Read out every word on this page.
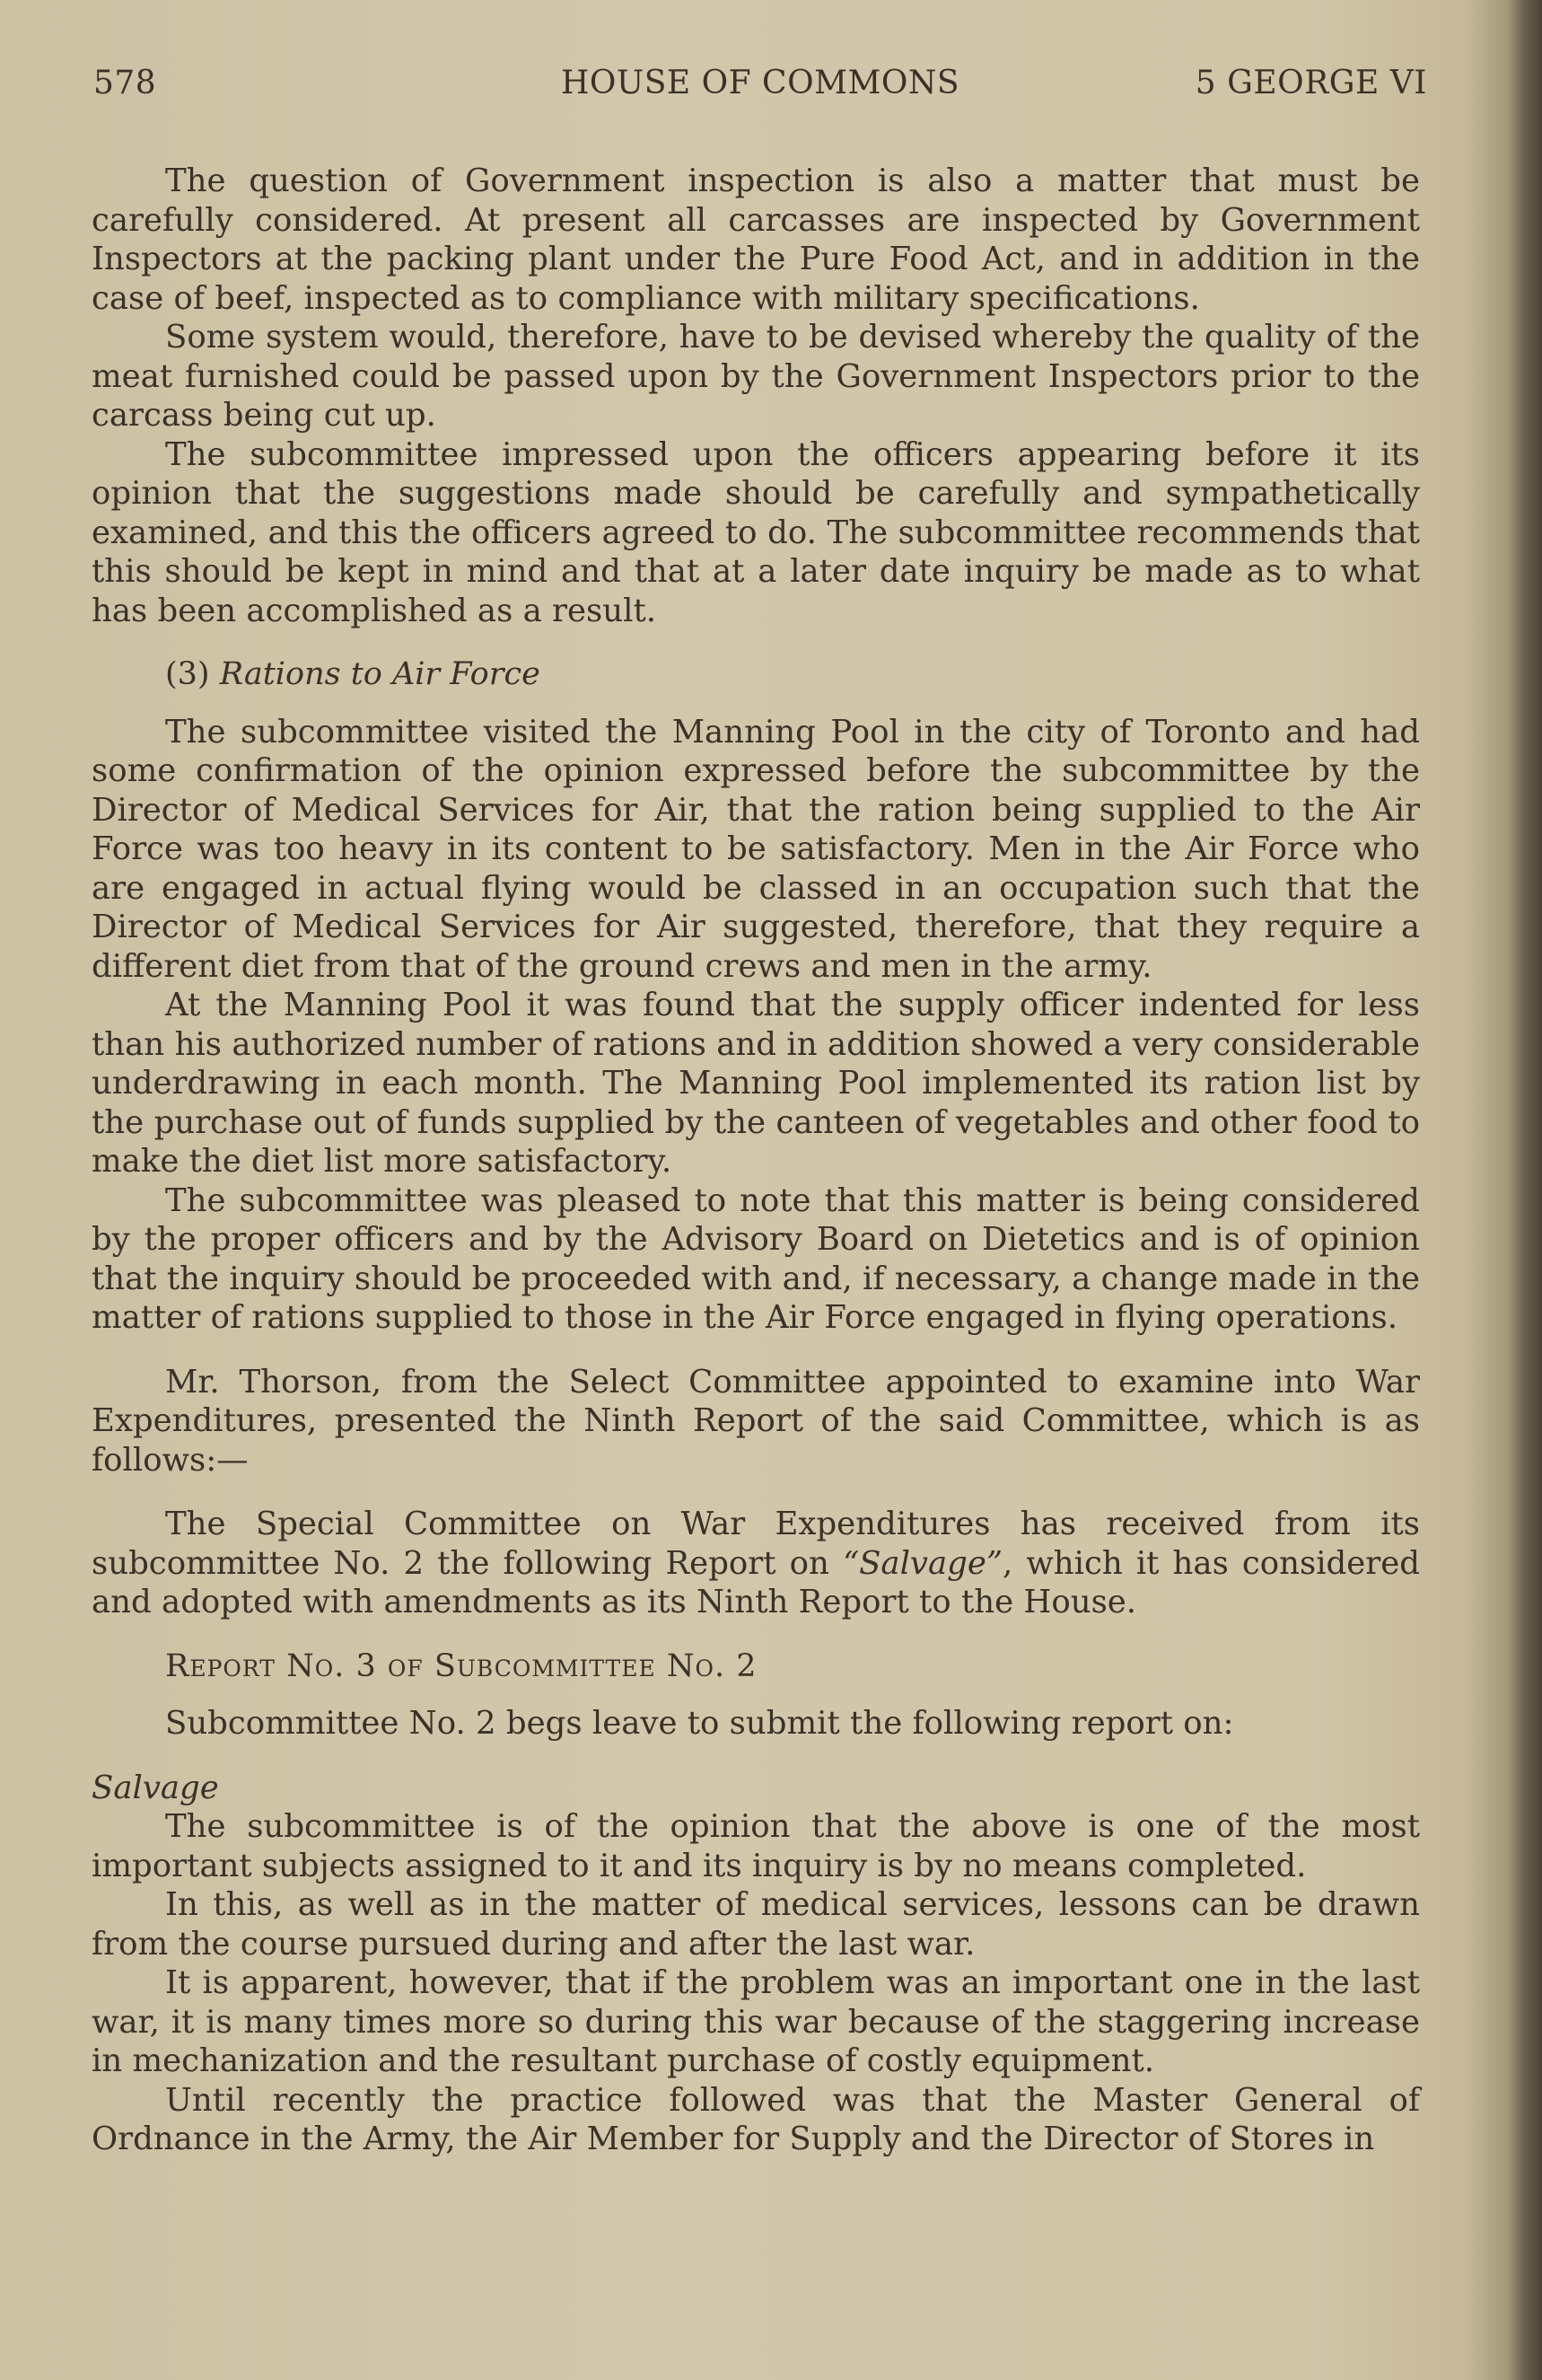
578	HOUSE OF COMMONS	5 GEORGE VI

The question of Government inspection is also a matter that must be carefully considered. At present all carcasses are inspected by Government Inspectors at the packing plant under the Pure Food Act, and in addition in the case of beef, inspected as to compliance with military specifications.

Some system would, therefore, have to be devised whereby the quality of the meat furnished could be passed upon by the Government Inspectors prior to the carcass being cut up.

The subcommittee impressed upon the officers appearing before it its opinion that the suggestions made should be carefully and sympathetically examined, and this the officers agreed to do. The subcommittee recommends that this should be kept in mind and that at a later date inquiry be made as to what has been accomplished as a result.

(3) Rations to Air Force

The subcommittee visited the Manning Pool in the city of Toronto and had some confirmation of the opinion expressed before the subcommittee by the Director of Medical Services for Air, that the ration being supplied to the Air Force was too heavy in its content to be satisfactory. Men in the Air Force who are engaged in actual flying would be classed in an occupation such that the Director of Medical Services for Air suggested, therefore, that they require a different diet from that of the ground crews and men in the army.

At the Manning Pool it was found that the supply officer indented for less than his authorized number of rations and in addition showed a very considerable underdrawing in each month. The Manning Pool implemented its ration list by the purchase out of funds supplied by the canteen of vegetables and other food to make the diet list more satisfactory.

The subcommittee was pleased to note that this matter is being considered by the proper officers and by the Advisory Board on Dietetics and is of opinion that the inquiry should be proceeded with and, if necessary, a change made in the matter of rations supplied to those in the Air Force engaged in flying operations.

Mr. Thorson, from the Select Committee appointed to examine into War Expenditures, presented the Ninth Report of the said Committee, which is as follows:—

The Special Committee on War Expenditures has received from its subcommittee No. 2 the following Report on “Salvage”, which it has considered and adopted with amendments as its Ninth Report to the House.

Report No. 3 of Subcommittee No. 2

Subcommittee No. 2 begs leave to submit the following report on:

Salvage

The subcommittee is of the opinion that the above is one of the most important subjects assigned to it and its inquiry is by no means completed.

In this, as well as in the matter of medical services, lessons can be drawn from the course pursued during and after the last war.

It is apparent, however, that if the problem was an important one in the last war, it is many times more so during this war because of the staggering increase in mechanization and the resultant purchase of costly equipment.

Until recently the practice followed was that the Master General of Ordnance in the Army, the Air Member for Supply and the Director of Stores in
